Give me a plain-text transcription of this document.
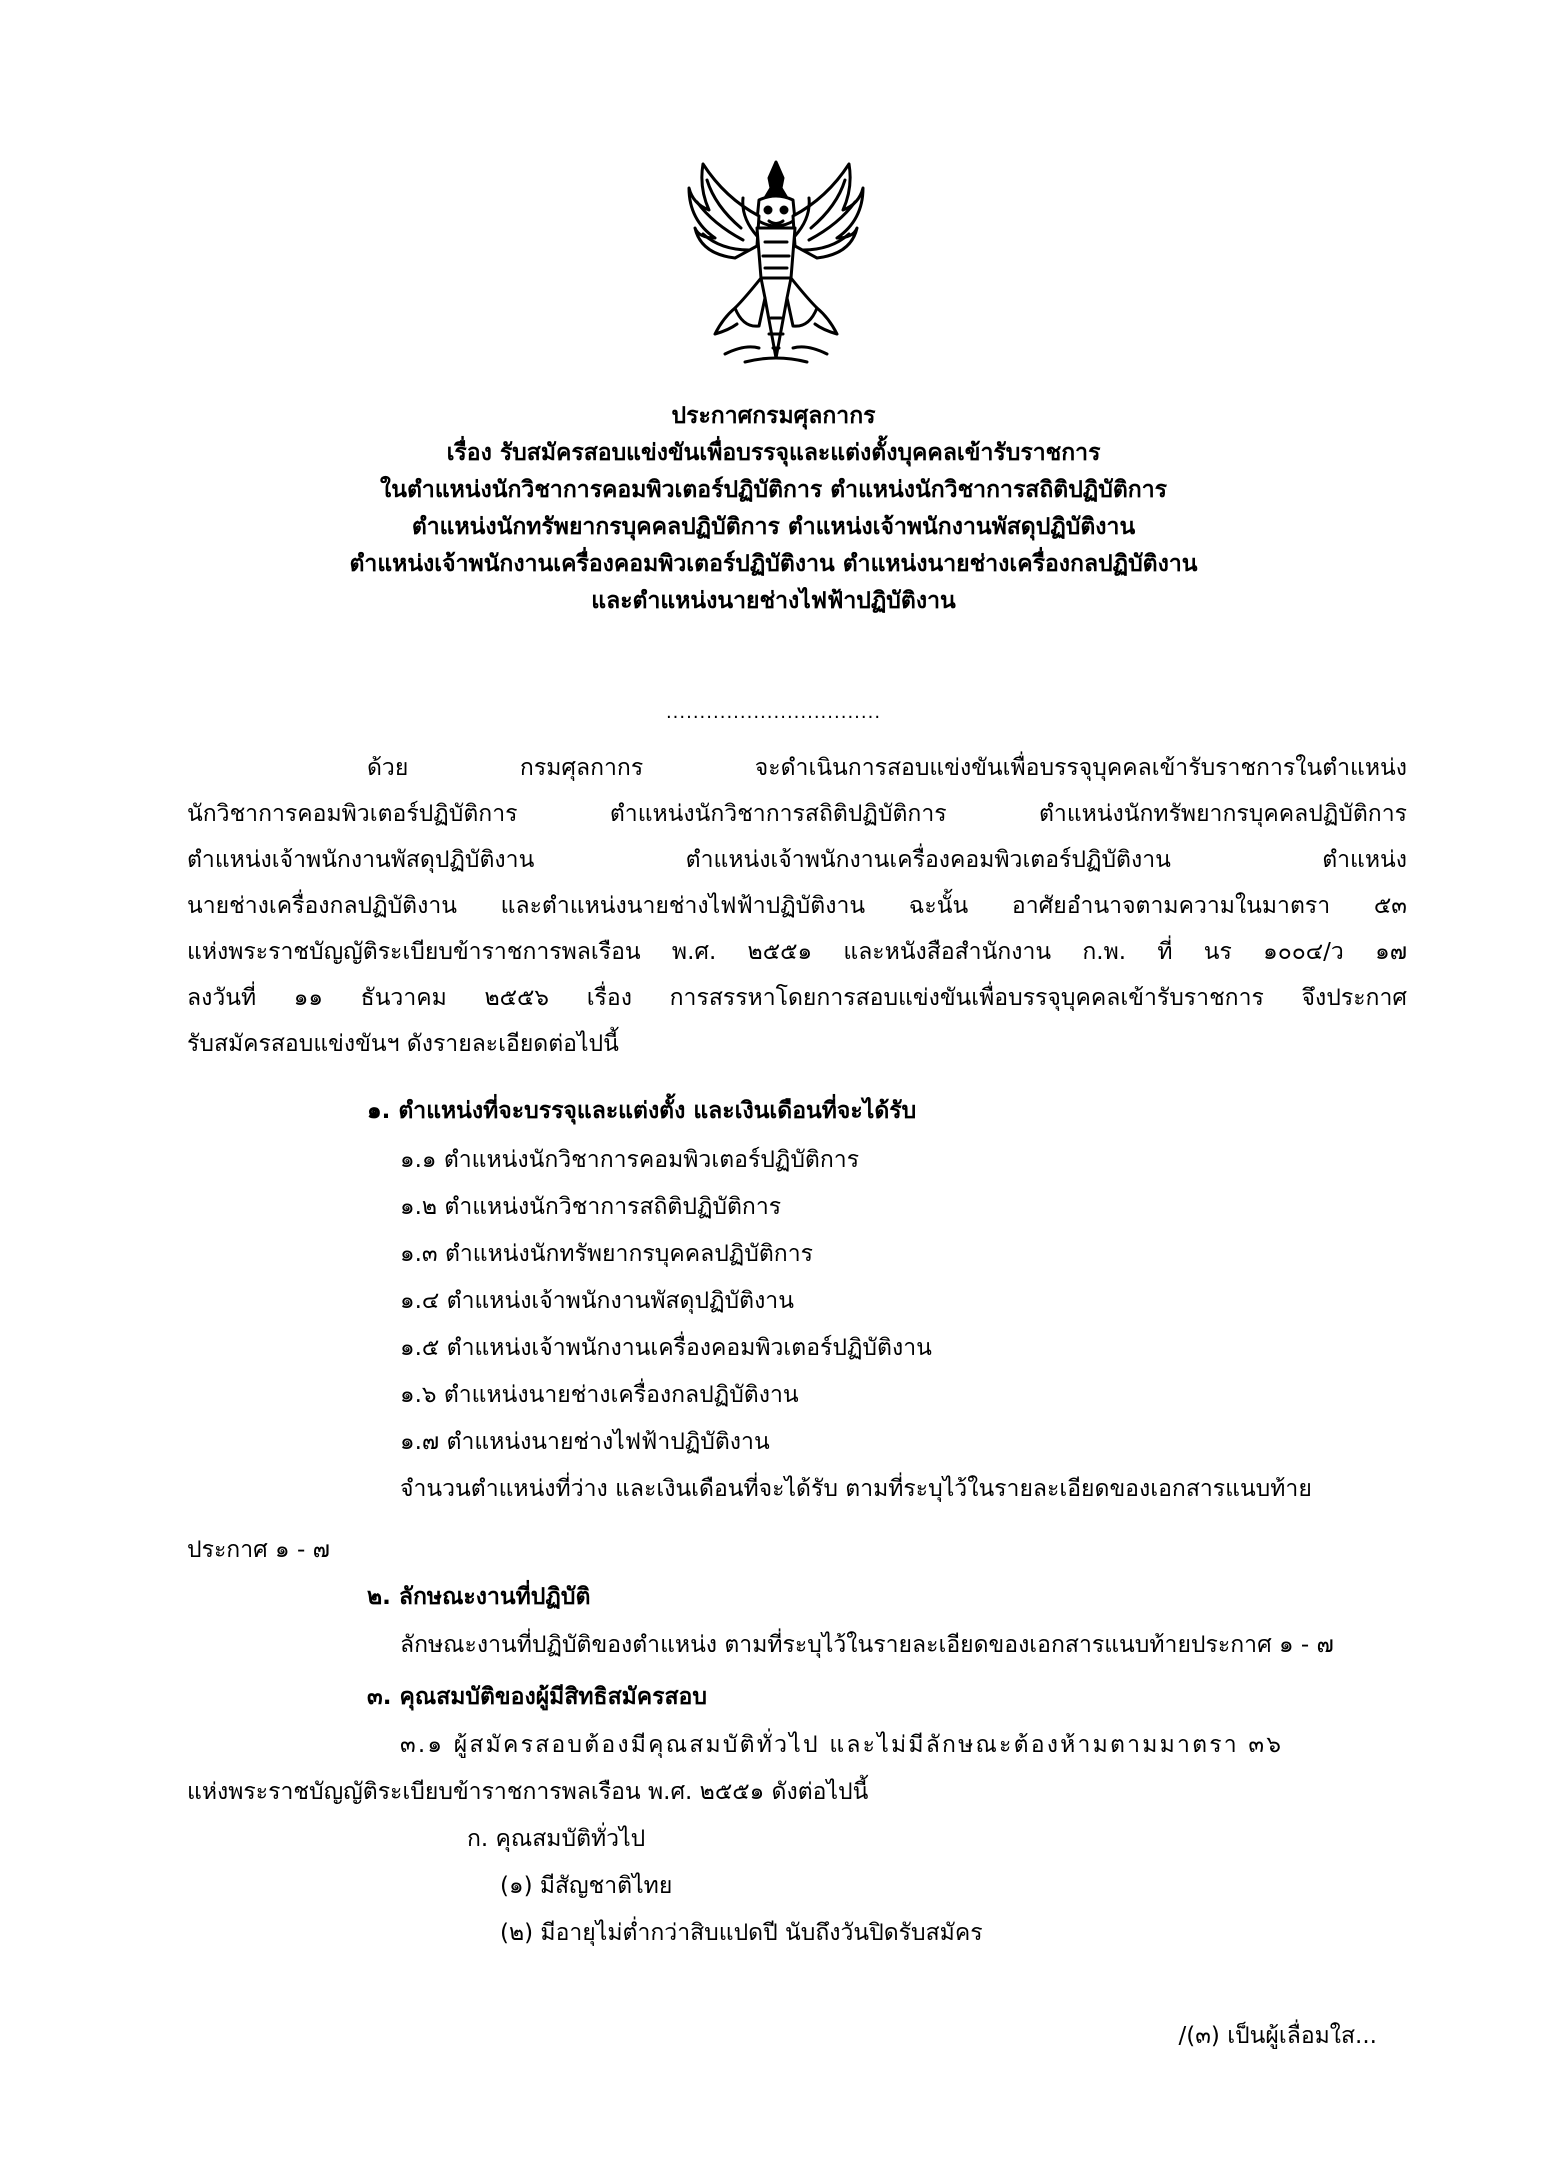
ประกาศกรมศุลกากร
เรื่อง รับสมัครสอบแข่งขันเพื่อบรรจุและแต่งตั้งบุคคลเข้ารับราชการ
ในตำแหน่งนักวิชาการคอมพิวเตอร์ปฏิบัติการ ตำแหน่งนักวิชาการสถิติปฏิบัติการ
ตำแหน่งนักทรัพยากรบุคคลปฏิบัติการ ตำแหน่งเจ้าพนักงานพัสดุปฏิบัติงาน
ตำแหน่งเจ้าพนักงานเครื่องคอมพิวเตอร์ปฏิบัติงาน ตำแหน่งนายช่างเครื่องกลปฏิบัติงาน
และตำแหน่งนายช่างไฟฟ้าปฏิบัติงาน
................................
ด้วย กรมศุลกากร จะดำเนินการสอบแข่งขันเพื่อบรรจุบุคคลเข้ารับราชการในตำแหน่ง
นักวิชาการคอมพิวเตอร์ปฏิบัติการ ตำแหน่งนักวิชาการสถิติปฏิบัติการ ตำแหน่งนักทรัพยากรบุคคลปฏิบัติการ
ตำแหน่งเจ้าพนักงานพัสดุปฏิบัติงาน ตำแหน่งเจ้าพนักงานเครื่องคอมพิวเตอร์ปฏิบัติงาน ตำแหน่ง
นายช่างเครื่องกลปฏิบัติงาน และตำแหน่งนายช่างไฟฟ้าปฏิบัติงาน ฉะนั้น อาศัยอำนาจตามความในมาตรา ๕๓
แห่งพระราชบัญญัติระเบียบข้าราชการพลเรือน พ.ศ. ๒๕๕๑ และหนังสือสำนักงาน ก.พ. ที่ นร ๑๐๐๔/ว ๑๗
ลงวันที่ ๑๑ ธันวาคม ๒๕๕๖ เรื่อง การสรรหาโดยการสอบแข่งขันเพื่อบรรจุบุคคลเข้ารับราชการ จึงประกาศ
รับสมัครสอบแข่งขันฯ ดังรายละเอียดต่อไปนี้
๑. ตำแหน่งที่จะบรรจุและแต่งตั้ง และเงินเดือนที่จะได้รับ
๑.๑ ตำแหน่งนักวิชาการคอมพิวเตอร์ปฏิบัติการ
๑.๒ ตำแหน่งนักวิชาการสถิติปฏิบัติการ
๑.๓ ตำแหน่งนักทรัพยากรบุคคลปฏิบัติการ
๑.๔ ตำแหน่งเจ้าพนักงานพัสดุปฏิบัติงาน
๑.๕ ตำแหน่งเจ้าพนักงานเครื่องคอมพิวเตอร์ปฏิบัติงาน
๑.๖ ตำแหน่งนายช่างเครื่องกลปฏิบัติงาน
๑.๗ ตำแหน่งนายช่างไฟฟ้าปฏิบัติงาน
จำนวนตำแหน่งที่ว่าง และเงินเดือนที่จะได้รับ ตามที่ระบุไว้ในรายละเอียดของเอกสารแนบท้าย
ประกาศ ๑ - ๗
๒. ลักษณะงานที่ปฏิบัติ
ลักษณะงานที่ปฏิบัติของตำแหน่ง ตามที่ระบุไว้ในรายละเอียดของเอกสารแนบท้ายประกาศ ๑ - ๗
๓. คุณสมบัติของผู้มีสิทธิสมัครสอบ
๓.๑ ผู้สมัครสอบต้องมีคุณสมบัติทั่วไป และไม่มีลักษณะต้องห้ามตามมาตรา ๓๖
แห่งพระราชบัญญัติระเบียบข้าราชการพลเรือน พ.ศ. ๒๕๕๑ ดังต่อไปนี้
ก. คุณสมบัติทั่วไป
(๑) มีสัญชาติไทย
(๒) มีอายุไม่ต่ำกว่าสิบแปดปี นับถึงวันปิดรับสมัคร
/(๓) เป็นผู้เลื่อมใส...
